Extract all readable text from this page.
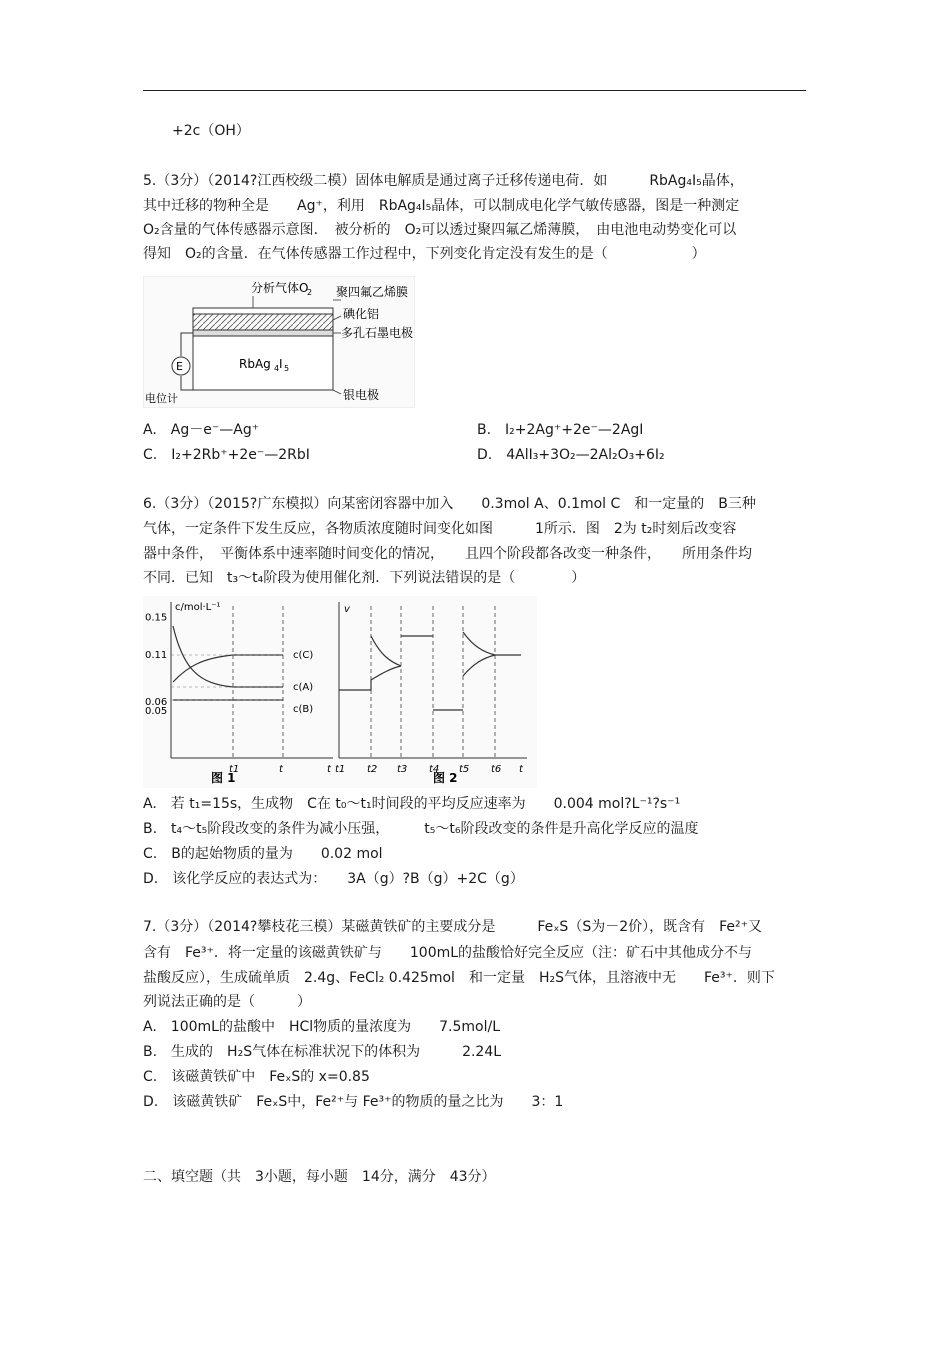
+2c（OH）
5.（3分）（2014?江西校级二模）固体电解质是通过离子迁移传递电荷．如　　　RbAg₄I₅晶体，
其中迁移的物种全是　　Ag⁺，利用　RbAg₄I₅晶体，可以制成电化学气敏传感器，图是一种测定
O₂含量的气体传感器示意图．　被分析的　O₂可以透过聚四氟乙烯薄膜，　由电池电动势变化可以
得知　O₂的含量．在气体传感器工作过程中，下列变化肯定没有发生的是（　　　　　　）
E
分析气体O
2 聚四氟乙烯膜
碘化铝
多孔石墨电极
RbAg 4 I 5
电位计	银电极
A.　Ag－e⁻—Ag⁺	B.　I₂+2Ag⁺+2e⁻—2AgI
C.　I₂+2Rb⁺+2e⁻—2RbI	D.　4AlI₃+3O₂—2Al₂O₃+6I₂
6.（3分）（2015?广东模拟）向某密闭容器中加入　　0.3mol A、0.1mol C　和一定量的　B三种
气体，一定条件下发生反应，各物质浓度随时间变化如图　　　1所示．图　2为 t₂时刻后改变容
器中条件，　平衡体系中速率随时间变化的情况，　　且四个阶段都各改变一种条件，　　所用条件均
不同．已知　t₃～t₄阶段为使用催化剂．下列说法错误的是（　　　　）
c/mol·L⁻¹
0.15
0.11
0.06
0.05
t1	t	t
图 1
c(C)
c(A)
c(B)
v
t1 t2 t3 t4 t5 t6 t
图 2
A.　若 t₁=15s，生成物　C在 t₀～t₁时间段的平均反应速率为　　0.004 mol?L⁻¹?s⁻¹
B.　t₄～t₅阶段改变的条件为减小压强，　　　t₅～t₆阶段改变的条件是升高化学反应的温度
C.　B的起始物质的量为　　0.02 mol
D.　该化学反应的表达式为：　　3A（g）?B（g）+2C（g）
7.（3分）（2014?攀枝花三模）某磁黄铁矿的主要成分是　　　FeₓS（S为－2价），既含有　Fe²⁺又
含有　Fe³⁺．将一定量的该磁黄铁矿与　　100mL的盐酸恰好完全反应（注：矿石中其他成分不与
盐酸反应），生成硫单质　2.4g、FeCl₂ 0.425mol　和一定量　H₂S气体，且溶液中无　　Fe³⁺．则下
列说法正确的是（　　　）
A.　100mL的盐酸中　HCl物质的量浓度为　　7.5mol/L
B.　生成的　H₂S气体在标准状况下的体积为　　　2.24L
C.　该磁黄铁矿中　FeₓS的 x=0.85
D.　该磁黄铁矿　FeₓS中，Fe²⁺与 Fe³⁺的物质的量之比为　　3：1
二、填空题（共　3小题，每小题　14分，满分　43分）
